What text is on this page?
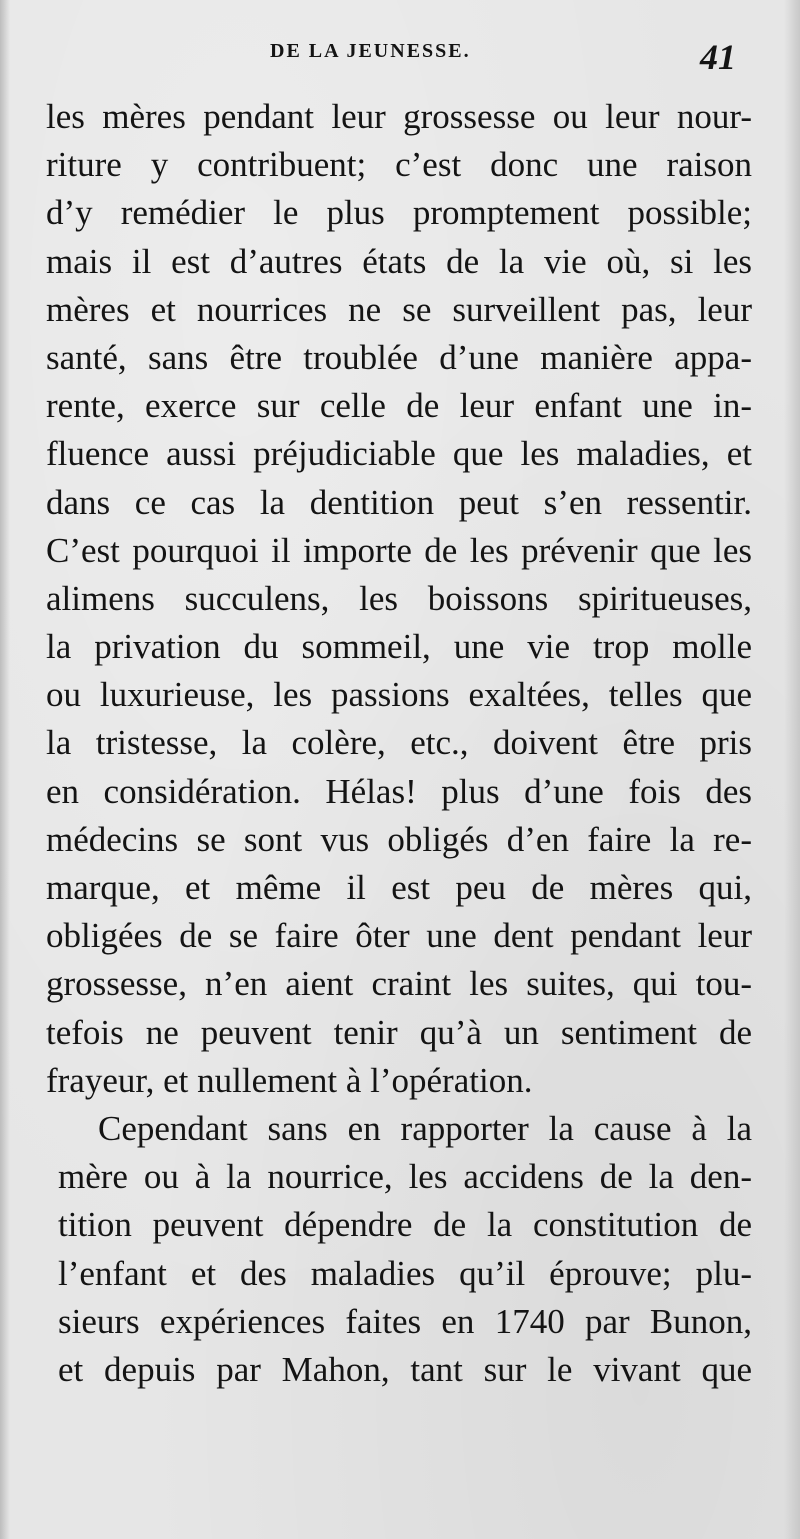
DE LA JEUNESSE.	41
les mères pendant leur grossesse ou leur nour-
riture y contribuent; c’est donc une raison
d’y remédier le plus promptement possible;
mais il est d’autres états de la vie où, si les
mères et nourrices ne se surveillent pas, leur
santé, sans être troublée d’une manière appa-
rente, exerce sur celle de leur enfant une in-
fluence aussi préjudiciable que les maladies, et
dans ce cas la dentition peut s’en ressentir.
C’est pourquoi il importe de les prévenir que les
alimens succulens, les boissons spiritueuses,
la privation du sommeil, une vie trop molle
ou luxurieuse, les passions exaltées, telles que
la tristesse, la colère, etc., doivent être pris
en considération. Hélas! plus d’une fois des
médecins se sont vus obligés d’en faire la re-
marque, et même il est peu de mères qui,
obligées de se faire ôter une dent pendant leur
grossesse, n’en aient craint les suites, qui tou-
tefois ne peuvent tenir qu’à un sentiment de
frayeur, et nullement à l’opération.
Cependant sans en rapporter la cause à la
mère ou à la nourrice, les accidens de la den-
tition peuvent dépendre de la constitution de
l’enfant et des maladies qu’il éprouve; plu-
sieurs expériences faites en 1740 par Bunon,
et depuis par Mahon, tant sur le vivant que
